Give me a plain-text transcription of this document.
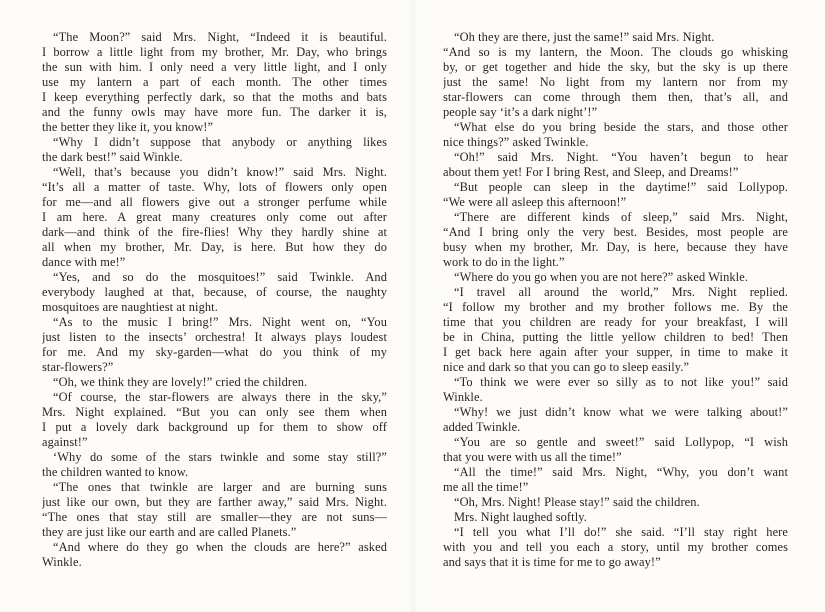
“The Moon?” said Mrs. Night, “Indeed it is beautiful.
I borrow a little light from my brother, Mr. Day, who brings
the sun with him. I only need a very little light, and I only
use my lantern a part of each month. The other times
I keep everything perfectly dark, so that the moths and bats
and the funny owls may have more fun. The darker it is,
the better they like it, you know!”
“Why I didn’t suppose that anybody or anything likes
the dark best!” said Winkle.
“Well, that’s because you didn’t know!” said Mrs. Night.
“It’s all a matter of taste. Why, lots of flowers only open
for me—and all flowers give out a stronger perfume while
I am here. A great many creatures only come out after
dark—and think of the fire-flies! Why they hardly shine at
all when my brother, Mr. Day, is here. But how they do
dance with me!”
“Yes, and so do the mosquitoes!” said Twinkle. And
everybody laughed at that, because, of course, the naughty
mosquitoes are naughtiest at night.
“As to the music I bring!” Mrs. Night went on, “You
just listen to the insects’ orchestra! It always plays loudest
for me. And my sky-garden—what do you think of my
star-flowers?”
“Oh, we think they are lovely!” cried the children.
“Of course, the star-flowers are always there in the sky,”
Mrs. Night explained. “But you can only see them when
I put a lovely dark background up for them to show off
against!”
‘Why do some of the stars twinkle and some stay still?”
the children wanted to know.
“The ones that twinkle are larger and are burning suns
just like our own, but they are farther away,” said Mrs. Night.
“The ones that stay still are smaller—they are not suns—
they are just like our earth and are called Planets.”
“And where do they go when the clouds are here?” asked
Winkle.
“Oh they are there, just the same!” said Mrs. Night.
“And so is my lantern, the Moon. The clouds go whisking
by, or get together and hide the sky, but the sky is up there
just the same! No light from my lantern nor from my
star-flowers can come through them then, that’s all, and
people say ‘it’s a dark night’!”
“What else do you bring beside the stars, and those other
nice things?” asked Twinkle.
“Oh!” said Mrs. Night. “You haven’t begun to hear
about them yet! For I bring Rest, and Sleep, and Dreams!”
“But people can sleep in the daytime!” said Lollypop.
“We were all asleep this afternoon!”
“There are different kinds of sleep,” said Mrs. Night,
“And I bring only the very best. Besides, most people are
busy when my brother, Mr. Day, is here, because they have
work to do in the light.”
“Where do you go when you are not here?” asked Winkle.
“I travel all around the world,” Mrs. Night replied.
“I follow my brother and my brother follows me. By the
time that you children are ready for your breakfast, I will
be in China, putting the little yellow children to bed! Then
I get back here again after your supper, in time to make it
nice and dark so that you can go to sleep easily.”
“To think we were ever so silly as to not like you!” said
Winkle.
“Why! we just didn’t know what we were talking about!”
added Twinkle.
“You are so gentle and sweet!” said Lollypop, “I wish
that you were with us all the time!”
“All the time!” said Mrs. Night, “Why, you don’t want
me all the time!”
“Oh, Mrs. Night! Please stay!” said the children.
Mrs. Night laughed softly.
“I tell you what I’ll do!” she said. “I’ll stay right here
with you and tell you each a story, until my brother comes
and says that it is time for me to go away!”
